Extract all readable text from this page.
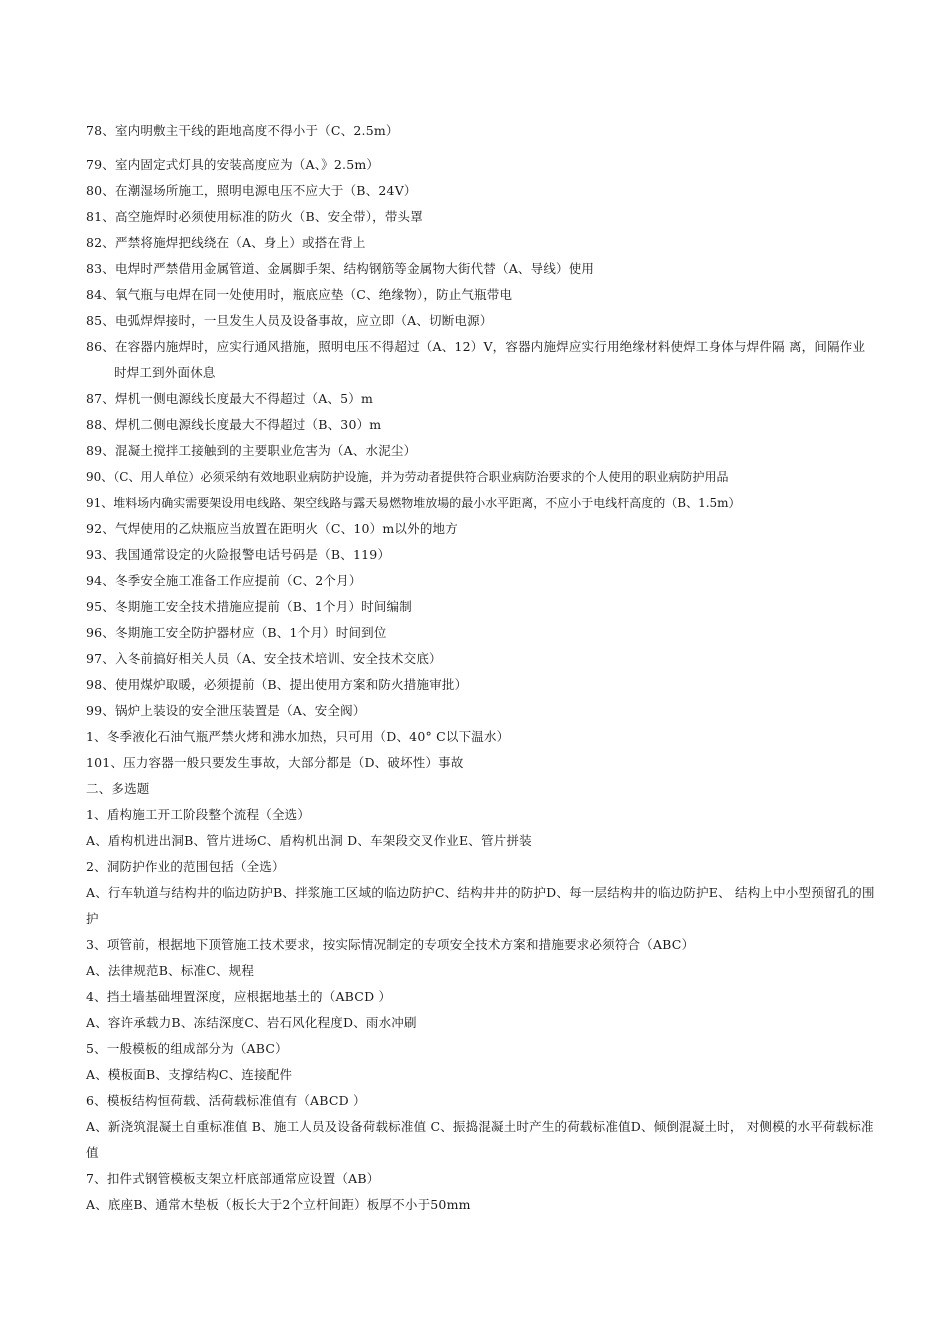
78、室内明敷主干线的距地高度不得小于（C、2.5m）
79、室内固定式灯具的安装高度应为（A、》2.5m）
80、在潮湿场所施工，照明电源电压不应大于（B、24V）
81、高空施焊时必须使用标准的防火（B、安全带），带头罩
82、严禁将施焊把线绕在（A、身上）或搭在背上
83、电焊时严禁借用金属管道、金属脚手架、结构钢筋等金属物大街代替（A、导线）使用
84、氧气瓶与电焊在同一处使用时，瓶底应垫（C、绝缘物），防止气瓶带电
85、电弧焊焊接时，一旦发生人员及设备事故，应立即（A、切断电源）
86、在容器内施焊时，应实行通风措施，照明电压不得超过（A、12）V，容器内施焊应实行用绝缘材料使焊工身体与焊件隔 离，间隔作业时焊工到外面休息
87、焊机一侧电源线长度最大不得超过（A、5）m
88、焊机二侧电源线长度最大不得超过（B、30）m
89、混凝土搅拌工接触到的主要职业危害为（A、水泥尘）
90、（C、用人单位）必须采纳有效地职业病防护设施，并为劳动者提供符合职业病防治要求的个人使用的职业病防护用品
91、堆料场内确实需要架设用电线路、架空线路与露天易燃物堆放場的最小水平距离，不应小于电线杆高度的（B、1.5m）
92、气焊使用的乙炔瓶应当放置在距明火（C、10）m以外的地方
93、我国通常设定的火险报警电话号码是（B、119）
94、冬季安全施工准备工作应提前（C、2个月）
95、冬期施工安全技术措施应提前（B、1个月）时间编制
96、冬期施工安全防护器材应（B、1个月）时间到位
97、入冬前搞好相关人员（A、安全技术培训、安全技术交底）
98、使用煤炉取暖，必须提前（B、提出使用方案和防火措施审批）
99、锅炉上装设的安全泄压装置是（A、安全阀）
1、冬季液化石油气瓶严禁火烤和沸水加热，只可用（D、40° C以下温水）
101、压力容器一般只要发生事故，大部分都是（D、破坏性）事故
二、多选题
1、盾构施工开工阶段整个流程（全选）
A、盾构机进出洞B、管片进场C、盾构机出洞 D、车架段交叉作业E、管片拼装
2、洞防护作业的范围包括（全选）
A、行车轨道与结构井的临边防护B、拌浆施工区域的临边防护C、结构井井的防护D、每一层结构井的临边防护E、 结构上中小型预留孔的围护
3、项管前，根据地下顶管施工技术要求，按实际情况制定的专项安全技术方案和措施要求必须符合（ABC）
A、法律规范B、标准C、规程
4、挡土墙基础埋置深度，应根据地基土的（ABCD ）
A、容许承载力B、冻结深度C、岩石风化程度D、雨水冲刷
5、一般模板的组成部分为（ABC）
A、模板面B、支撑结构C、连接配件
6、模板结构恒荷载、活荷载标准值有（ABCD ）
A、新浇筑混凝土自重标准值 B、施工人员及设备荷载标准值 C、振捣混凝土时产生的荷载标准值D、倾倒混凝土时， 对侧模的水平荷载标准值
7、扣件式钢管模板支架立杆底部通常应设置（AB）
A、底座B、通常木垫板（板长大于2个立杆间距）板厚不小于50mm
